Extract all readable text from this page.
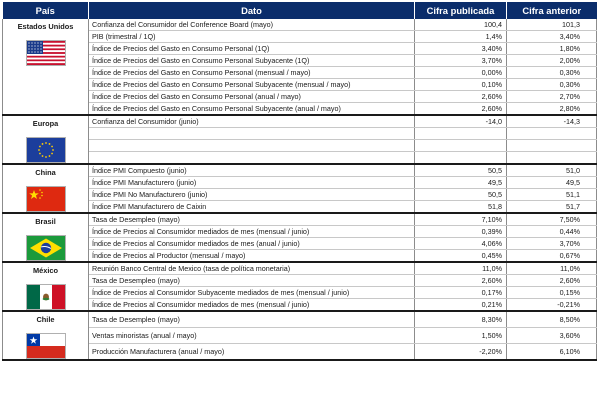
País	Dato	Cifra publicada	Cifra anterior

Estados Unidos	Confianza del Consumidor del Conference Board (mayo)	100,4	101,3
	PIB (trimestral / 1Q)	1,4%	3,40%
	Índice de Precios del Gasto en Consumo Personal (1Q)	3,40%	1,80%
	Índice de Precios del Gasto en Consumo Personal Subyacente (1Q)	3,70%	2,00%
	Índice de Precios del Gasto en Consumo Personal (mensual / mayo)	0,00%	0,30%
	Índice de Precios del Gasto en Consumo Personal Subyacente (mensual / mayo)	0,10%	0,30%
	Índice de Precios del Gasto en Consumo Personal (anual / mayo)	2,60%	2,70%
	Índice de Precios del Gasto en Consumo Personal Subyacente (anual / mayo)	2,60%	2,80%

Europa	Confianza del Consumidor (junio)	-14,0	-14,3

China	Índice PMI Compuesto (junio)	50,5	51,0
	Índice PMI Manufacturero (junio)	49,5	49,5
	Índice PMI No Manufacturero (junio)	50,5	51,1
	Índice PMI Manufacturero de Caixin	51,8	51,7

Brasil	Tasa de Desempleo (mayo)	7,10%	7,50%
	Índice de Precios al Consumidor mediados de mes (mensual / junio)	0,39%	0,44%
	Índice de Precios al Consumidor mediados de mes (anual / junio)	4,06%	3,70%
	Índice de Precios al Productor (mensual / mayo)	0,45%	0,67%

México	Reunión Banco Central de Mexico (tasa de política monetaria)	11,0%	11,0%
	Tasa de Desempleo (mayo)	2,60%	2,60%
	Índice de Precios al Consumidor Subyacente mediados de mes (mensual / junio)	0,17%	0,15%
	Índice de Precios al Consumidor mediados de mes (mensual / junio)	0,21%	-0,21%

Chile	Tasa de Desempleo (mayo)	8,30%	8,50%
	Ventas minoristas (anual / mayo)	1,50%	3,60%
	Producción Manufacturera (anual / mayo)	-2,20%	6,10%
